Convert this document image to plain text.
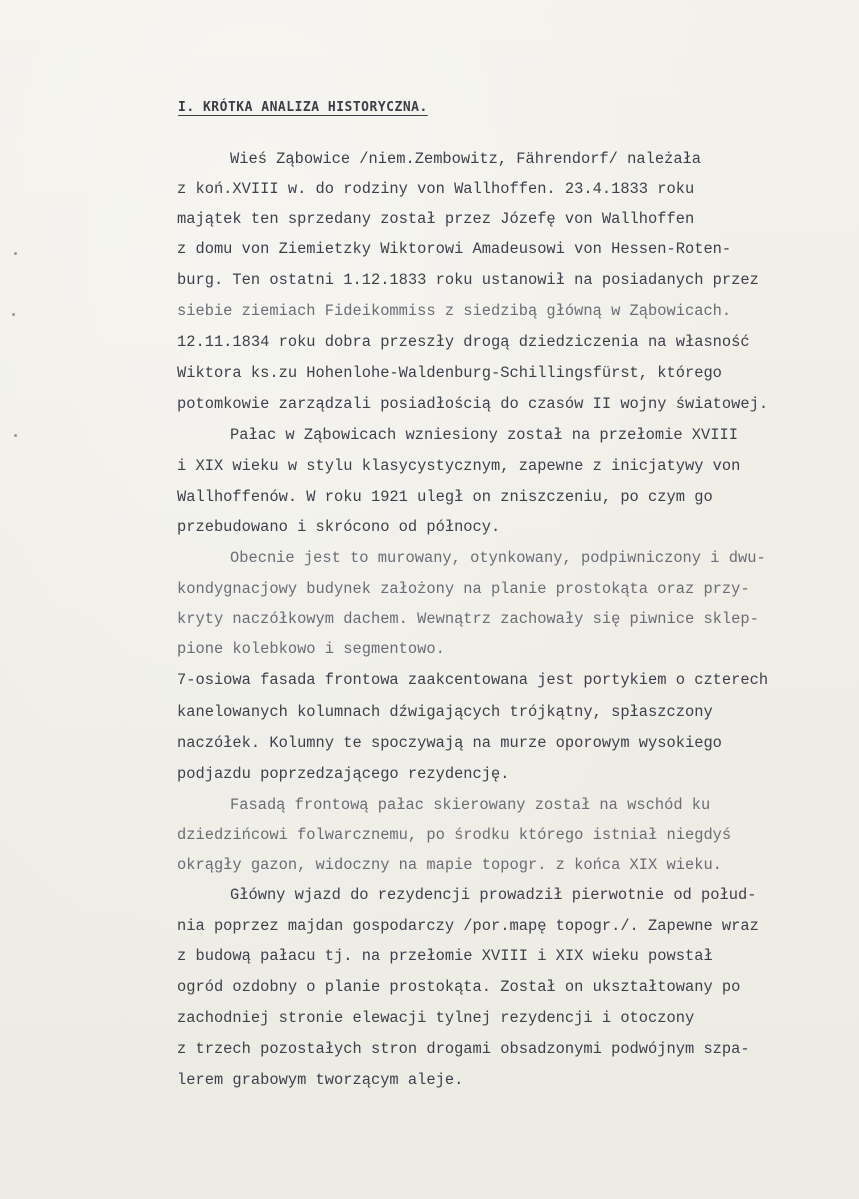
I. KRÓTKA ANALIZA HISTORYCZNA.
Wieś Ząbowice /niem.Zembowitz, Fährendorf/ należała
z koń.XVIII w. do rodziny von Wallhoffen. 23.4.1833 roku
majątek ten sprzedany został przez Józefę von Wallhoffen
z domu von Ziemietzky Wiktorowi Amadeusowi von Hessen-Roten-
burg. Ten ostatni 1.12.1833 roku ustanowił na posiadanych przez
siebie ziemiach Fideikommiss z siedzibą główną w Ząbowicach.
12.11.1834 roku dobra przeszły drogą dziedziczenia na własność
Wiktora ks.zu Hohenlohe-Waldenburg-Schillingsfürst, którego
potomkowie zarządzali posiadłością do czasów II wojny światowej.
Pałac w Ząbowicach wzniesiony został na przełomie XVIII
i XIX wieku w stylu klasycystycznym, zapewne z inicjatywy von
Wallhoffenów. W roku 1921 uległ on zniszczeniu, po czym go
przebudowano i skrócono od północy.
Obecnie jest to murowany, otynkowany, podpiwniczony i dwu-
kondygnacjowy budynek założony na planie prostokąta oraz przy-
kryty naczółkowym dachem. Wewnątrz zachowały się piwnice sklep-
pione kolebkowo i segmentowo.
7-osiowa fasada frontowa zaakcentowana jest portykiem o czterech
kanelowanych kolumnach dźwigających trójkątny, spłaszczony
naczółek. Kolumny te spoczywają na murze oporowym wysokiego
podjazdu poprzedzającego rezydencję.
Fasadą frontową pałac skierowany został na wschód ku
dziedzińcowi folwarcznemu, po środku którego istniał niegdyś
okrągły gazon, widoczny na mapie topogr. z końca XIX wieku.
Główny wjazd do rezydencji prowadził pierwotnie od połud-
nia poprzez majdan gospodarczy /por.mapę topogr./. Zapewne wraz
z budową pałacu tj. na przełomie XVIII i XIX wieku powstał
ogród ozdobny o planie prostokąta. Został on ukształtowany po
zachodniej stronie elewacji tylnej rezydencji i otoczony
z trzech pozostałych stron drogami obsadzonymi podwójnym szpa-
lerem grabowym tworzącym aleje.
